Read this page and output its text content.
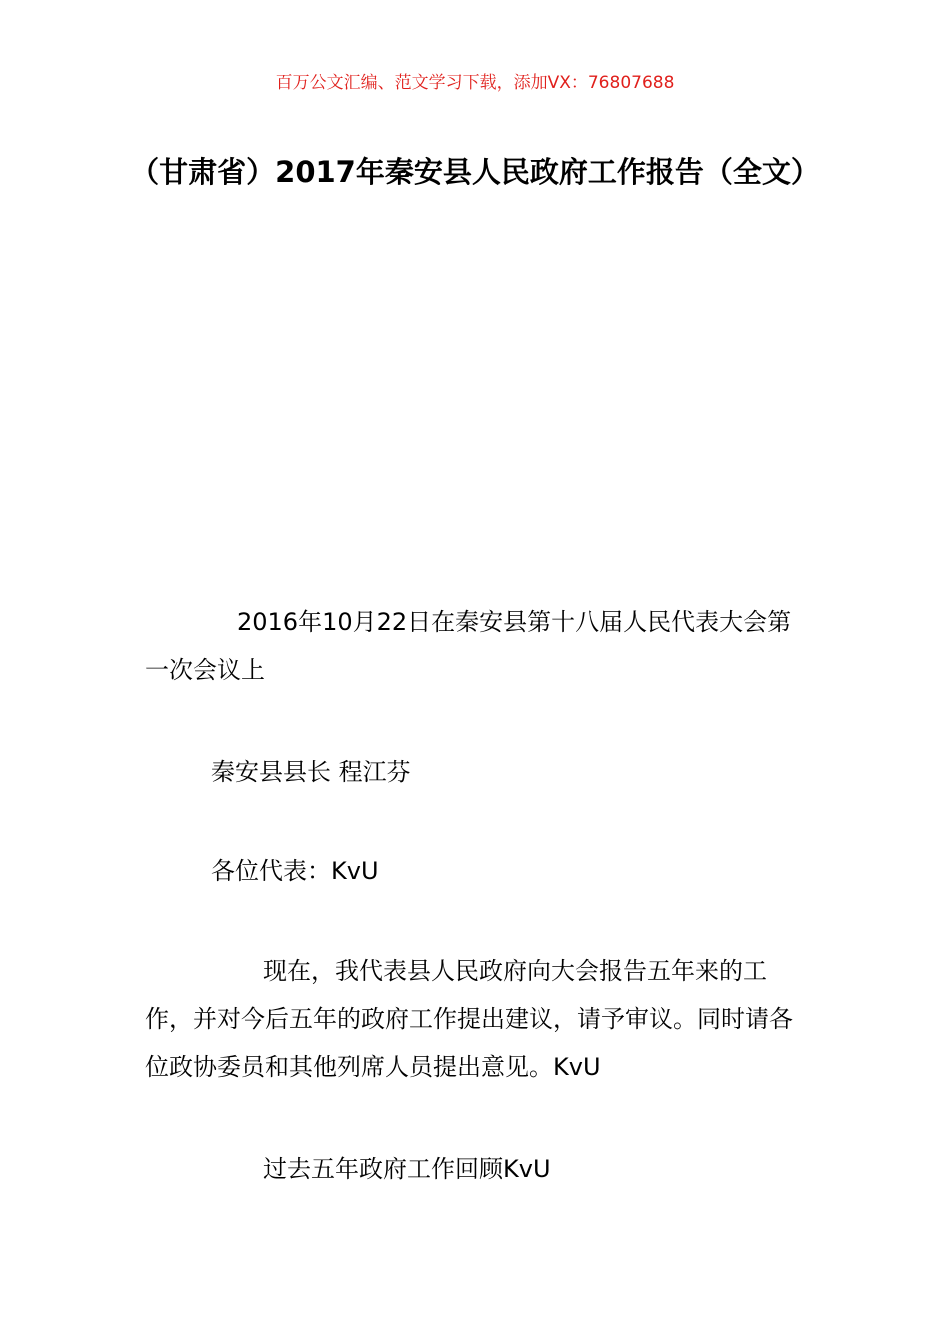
百万公文汇编、范文学习下载，添加VX：76807688
（甘肃省）2017年秦安县人民政府工作报告（全文）
2016年10月22日在秦安县第十八届人民代表大会第一次会议上
秦安县县长 程江芬
各位代表：KvU
现在，我代表县人民政府向大会报告五年来的工作，并对今后五年的政府工作提出建议，请予审议。同时请各位政协委员和其他列席人员提出意见。KvU
过去五年政府工作回顾KvU
